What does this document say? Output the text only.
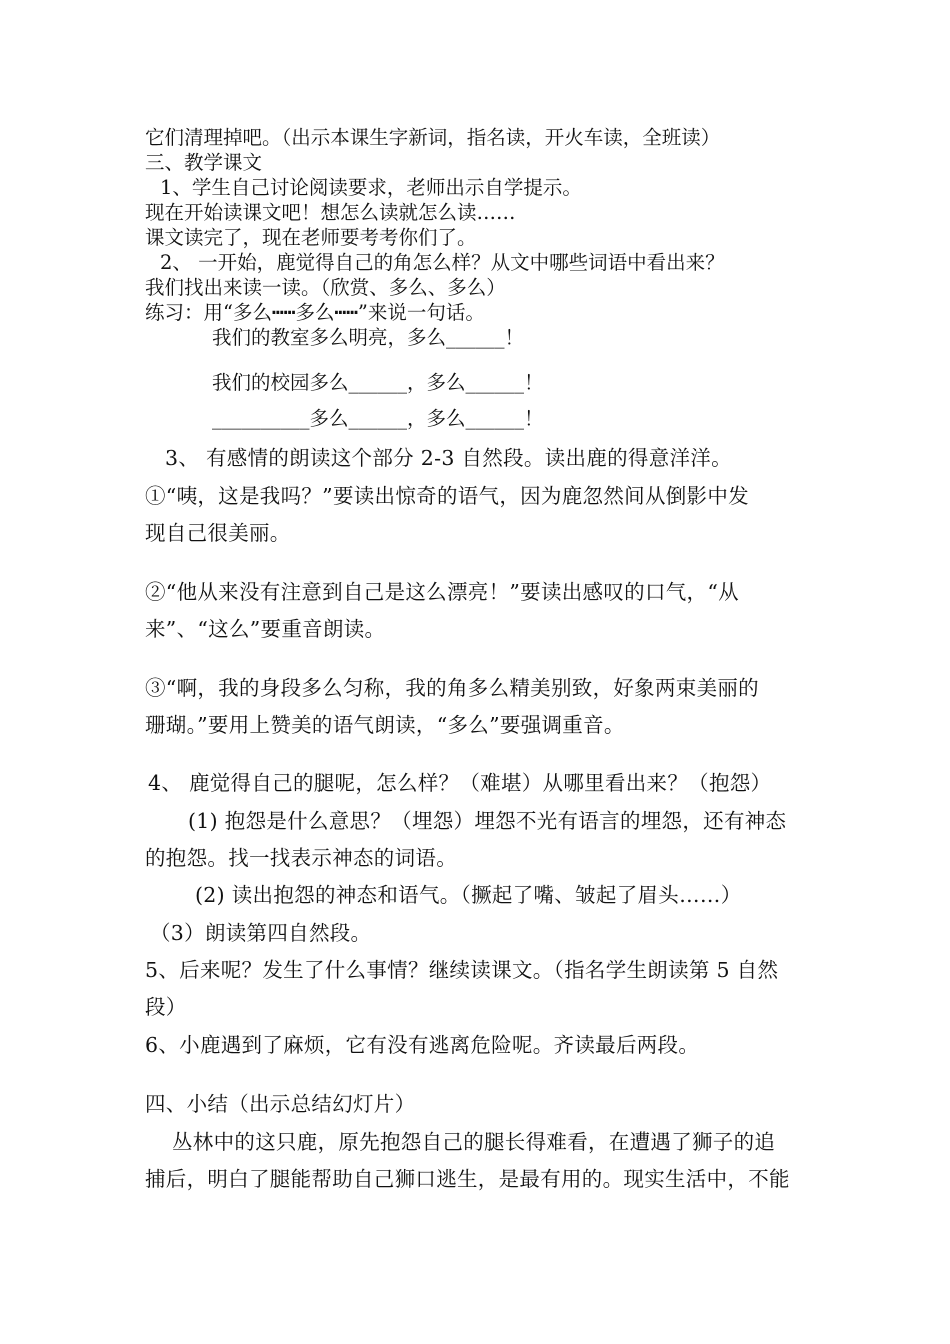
它们清理掉吧。（出示本课生字新词，指名读，开火车读，全班读）

三、教学课文

1、学生自己讨论阅读要求，老师出示自学提示。

现在开始读课文吧！想怎么读就怎么读……

课文读完了，现在老师要考考你们了。

2、 一开始，鹿觉得自己的角怎么样？从文中哪些词语中看出来？

我们找出来读一读。（欣赏、多么、多么）

练习：用“多么┅┅多么┅┅”来说一句话。

我们的教室多么明亮，多么______！

我们的校园多么______，多么______！

__________多么______，多么______！

3、 有感情的朗读这个部分 2-3 自然段。读出鹿的得意洋洋。

①“咦，这是我吗？”要读出惊奇的语气，因为鹿忽然间从倒影中发

现自己很美丽。

②“他从来没有注意到自己是这么漂亮！”要读出感叹的口气，“从

来”、“这么”要重音朗读。

③“啊，我的身段多么匀称，我的角多么精美别致，好象两束美丽的

珊瑚。”要用上赞美的语气朗读，“多么”要强调重音。

4、 鹿觉得自己的腿呢，怎么样？（难堪）从哪里看出来？（抱怨）

(1) 抱怨是什么意思？（埋怨）埋怨不光有语言的埋怨，还有神态

的抱怨。找一找表示神态的词语。

(2) 读出抱怨的神态和语气。（撅起了嘴、皱起了眉头……）

（3）朗读第四自然段。

5、后来呢？发生了什么事情？继续读课文。（指名学生朗读第 5 自然

段）

6、小鹿遇到了麻烦，它有没有逃离危险呢。齐读最后两段。

四、小结（出示总结幻灯片）

丛林中的这只鹿，原先抱怨自己的腿长得难看，在遭遇了狮子的追

捕后，明白了腿能帮助自己狮口逃生，是最有用的。现实生活中，不能
